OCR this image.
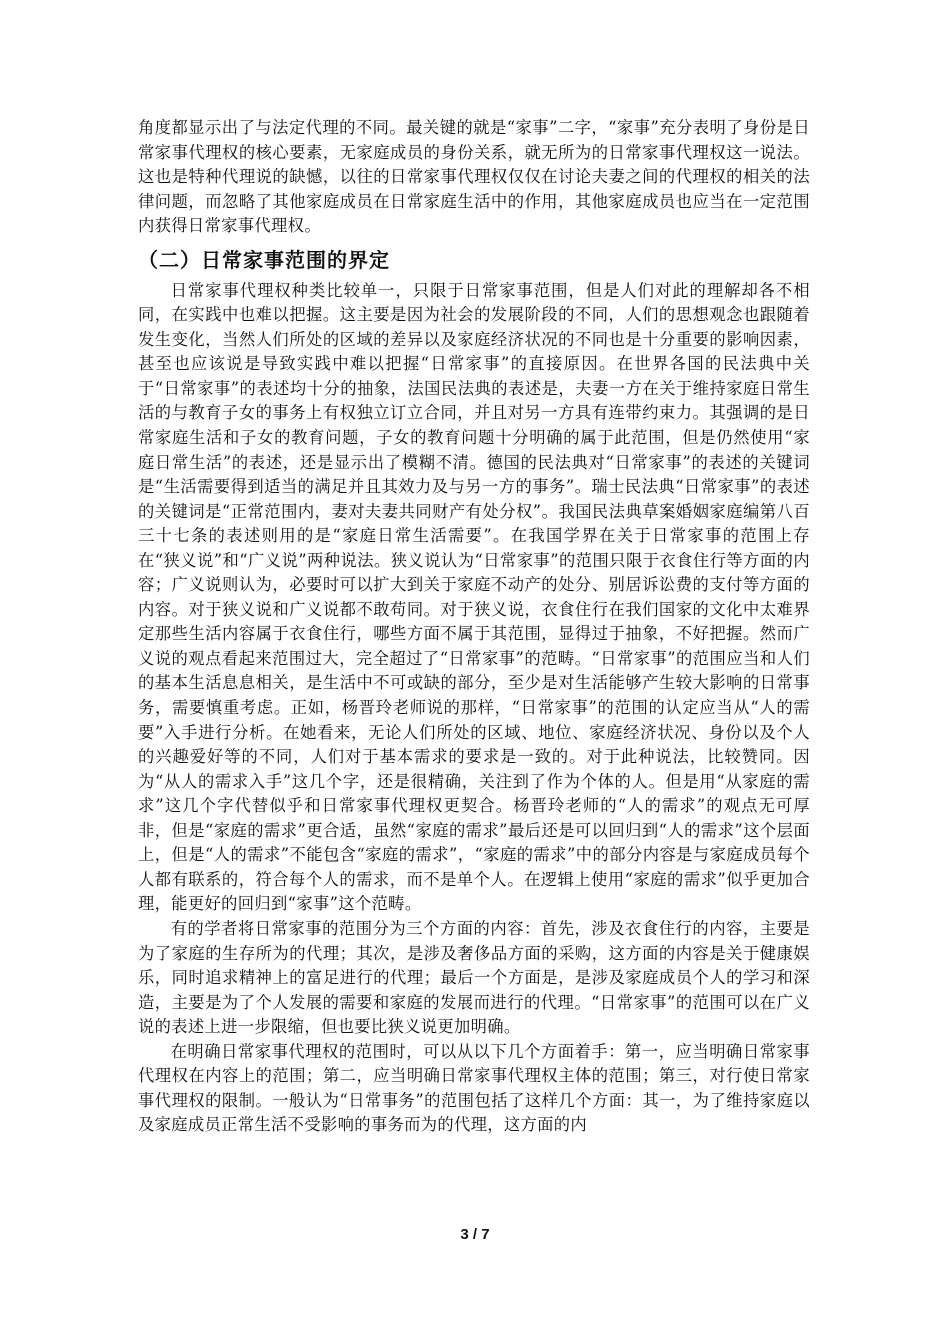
角度都显示出了与法定代理的不同。最关键的就是“家事”二字，“家事”充分表明了身份是日常家事代理权的核心要素，无家庭成员的身份关系，就无所为的日常家事代理权这一说法。这也是特种代理说的缺憾，以往的日常家事代理权仅仅在讨论夫妻之间的代理权的相关的法律问题，而忽略了其他家庭成员在日常家庭生活中的作用，其他家庭成员也应当在一定范围内获得日常家事代理权。

（二）日常家事范围的界定

日常家事代理权种类比较单一，只限于日常家事范围，但是人们对此的理解却各不相同，在实践中也难以把握。这主要是因为社会的发展阶段的不同，人们的思想观念也跟随着发生变化，当然人们所处的区域的差异以及家庭经济状况的不同也是十分重要的影响因素，甚至也应该说是导致实践中难以把握“日常家事”的直接原因。在世界各国的民法典中关于“日常家事”的表述均十分的抽象，法国民法典的表述是，夫妻一方在关于维持家庭日常生活的与教育子女的事务上有权独立订立合同，并且对另一方具有连带约束力。其强调的是日常家庭生活和子女的教育问题，子女的教育问题十分明确的属于此范围，但是仍然使用“家庭日常生活”的表述，还是显示出了模糊不清。德国的民法典对“日常家事”的表述的关键词是“生活需要得到适当的满足并且其效力及与另一方的事务”。瑞士民法典“日常家事”的表述的关键词是“正常范围内，妻对夫妻共同财产有处分权”。我国民法典草案婚姻家庭编第八百三十七条的表述则用的是“家庭日常生活需要”。在我国学界在关于日常家事的范围上存在“狭义说”和“广义说”两种说法。狭义说认为“日常家事”的范围只限于衣食住行等方面的内容；广义说则认为，必要时可以扩大到关于家庭不动产的处分、别居诉讼费的支付等方面的内容。对于狭义说和广义说都不敢苟同。对于狭义说，衣食住行在我们国家的文化中太难界定那些生活内容属于衣食住行，哪些方面不属于其范围，显得过于抽象，不好把握。然而广义说的观点看起来范围过大，完全超过了“日常家事”的范畴。“日常家事”的范围应当和人们的基本生活息息相关，是生活中不可或缺的部分，至少是对生活能够产生较大影响的日常事务，需要慎重考虑。正如，杨晋玲老师说的那样，“日常家事”的范围的认定应当从“人的需要”入手进行分析。在她看来，无论人们所处的区域、地位、家庭经济状况、身份以及个人的兴趣爱好等的不同，人们对于基本需求的要求是一致的。对于此种说法，比较赞同。因为“从人的需求入手”这几个字，还是很精确，关注到了作为个体的人。但是用“从家庭的需求”这几个字代替似乎和日常家事代理权更契合。杨晋玲老师的“人的需求”的观点无可厚非，但是“家庭的需求”更合适，虽然“家庭的需求”最后还是可以回归到“人的需求”这个层面上，但是“人的需求”不能包含“家庭的需求”，“家庭的需求”中的部分内容是与家庭成员每个人都有联系的，符合每个人的需求，而不是单个人。在逻辑上使用“家庭的需求”似乎更加合理，能更好的回归到“家事”这个范畴。

有的学者将日常家事的范围分为三个方面的内容：首先，涉及衣食住行的内容，主要是为了家庭的生存所为的代理；其次，是涉及奢侈品方面的采购，这方面的内容是关于健康娱乐，同时追求精神上的富足进行的代理；最后一个方面是，是涉及家庭成员个人的学习和深造，主要是为了个人发展的需要和家庭的发展而进行的代理。“日常家事”的范围可以在广义说的表述上进一步限缩，但也要比狭义说更加明确。

在明确日常家事代理权的范围时，可以从以下几个方面着手：第一，应当明确日常家事代理权在内容上的范围；第二，应当明确日常家事代理权主体的范围；第三，对行使日常家事代理权的限制。一般认为“日常事务”的范围包括了这样几个方面：其一，为了维持家庭以及家庭成员正常生活不受影响的事务而为的代理，这方面的内

3 / 7
